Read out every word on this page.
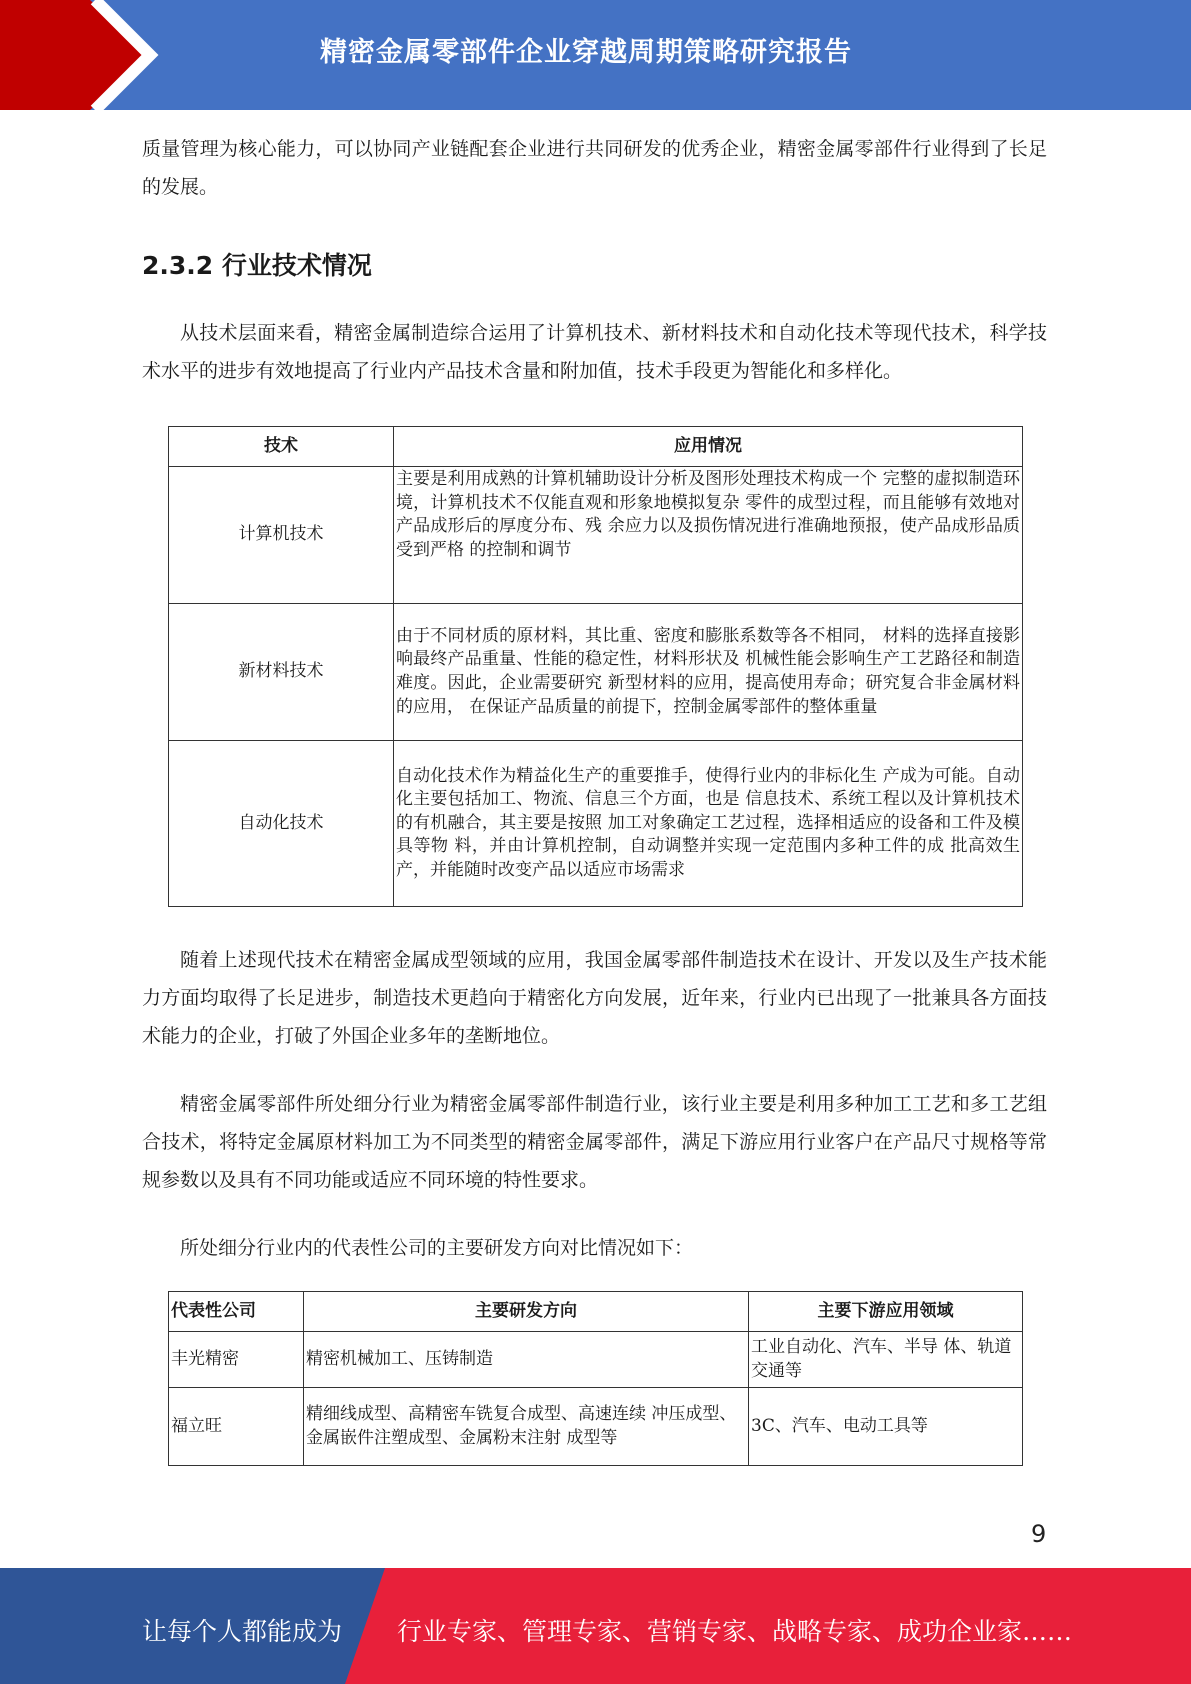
精密金属零部件企业穿越周期策略研究报告

质量管理为核心能力，可以协同产业链配套企业进行共同研发的优秀企业，精密金属零部件行业得到了长足的发展。

2.3.2 行业技术情况

从技术层面来看，精密金属制造综合运用了计算机技术、新材料技术和自动化技术等现代技术，科学技术水平的进步有效地提高了行业内产品技术含量和附加值，技术手段更为智能化和多样化。

技术	应用情况
计算机技术	主要是利用成熟的计算机辅助设计分析及图形处理技术构成一个 完整的虚拟制造环境，计算机技术不仅能直观和形象地模拟复杂 零件的成型过程，而且能够有效地对产品成形后的厚度分布、残 余应力以及损伤情况进行准确地预报，使产品成形品质受到严格 的控制和调节
新材料技术	由于不同材质的原材料，其比重、密度和膨胀系数等各不相同， 材料的选择直接影响最终产品重量、性能的稳定性，材料形状及 机械性能会影响生产工艺路径和制造难度。因此，企业需要研究 新型材料的应用，提高使用寿命；研究复合非金属材料的应用， 在保证产品质量的前提下，控制金属零部件的整体重量
自动化技术	自动化技术作为精益化生产的重要推手，使得行业内的非标化生 产成为可能。自动化主要包括加工、物流、信息三个方面，也是 信息技术、系统工程以及计算机技术的有机融合，其主要是按照 加工对象确定工艺过程，选择相适应的设备和工件及模具等物 料，并由计算机控制，自动调整并实现一定范围内多种工件的成 批高效生产，并能随时改变产品以适应市场需求

随着上述现代技术在精密金属成型领域的应用，我国金属零部件制造技术在设计、开发以及生产技术能力方面均取得了长足进步，制造技术更趋向于精密化方向发展，近年来，行业内已出现了一批兼具各方面技术能力的企业，打破了外国企业多年的垄断地位。

精密金属零部件所处细分行业为精密金属零部件制造行业，该行业主要是利用多种加工工艺和多工艺组合技术，将特定金属原材料加工为不同类型的精密金属零部件，满足下游应用行业客户在产品尺寸规格等常规参数以及具有不同功能或适应不同环境的特性要求。

所处细分行业内的代表性公司的主要研发方向对比情况如下：

代表性公司	主要研发方向	主要下游应用领域
丰光精密	精密机械加工、压铸制造	工业自动化、汽车、半导 体、轨道交通等
福立旺	精细线成型、高精密车铣复合成型、高速连续 冲压成型、金属嵌件注塑成型、金属粉末注射 成型等	3C、汽车、电动工具等
9
让每个人都能成为 行业专家、管理专家、营销专家、战略专家、成功企业家……
